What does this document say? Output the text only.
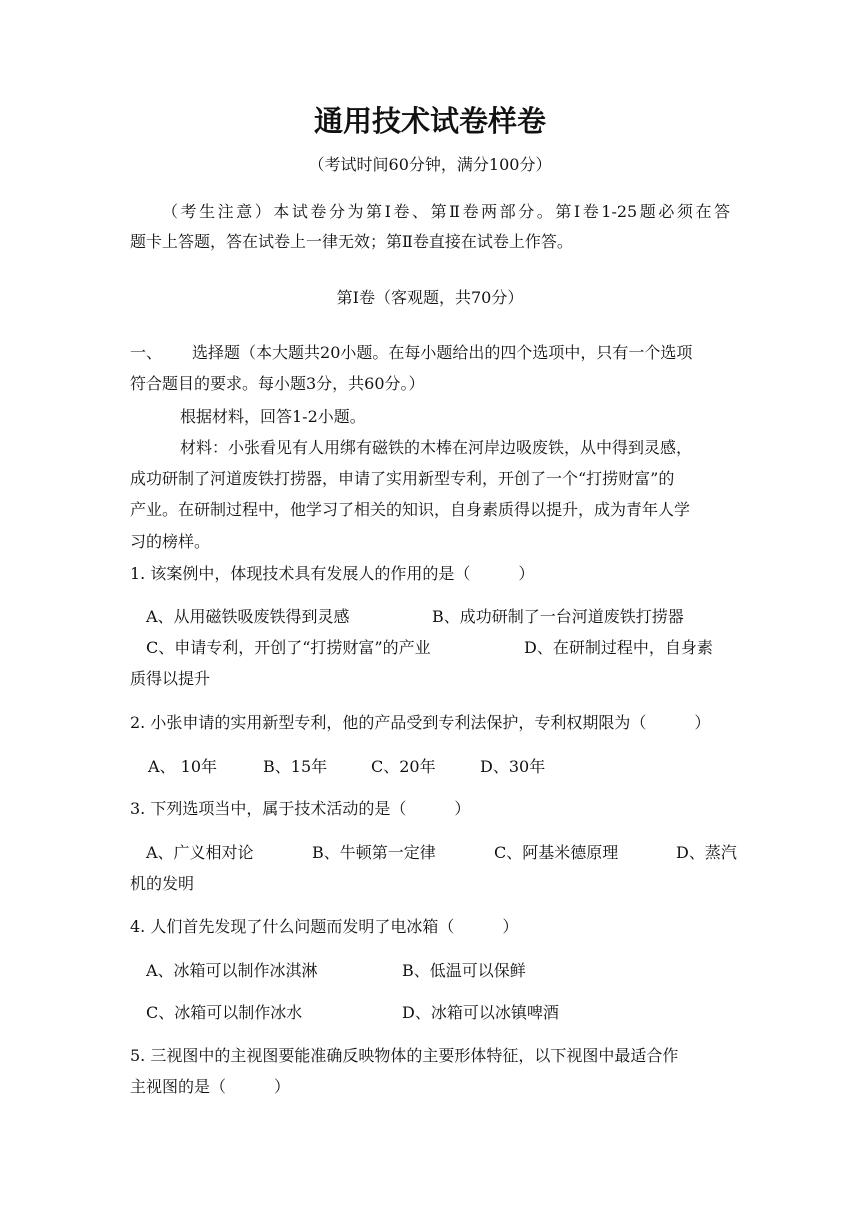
通用技术试卷样卷
（考试时间60分钟，满分100分）
（考生注意）本试卷分为第Ⅰ卷、第Ⅱ卷两部分。第Ⅰ卷1-25题必须在答
题卡上答题，答在试卷上一律无效；第Ⅱ卷直接在试卷上作答。
第Ⅰ卷（客观题，共70分）
一、 选择题（本大题共20小题。在每小题给出的四个选项中，只有一个选项
符合题目的要求。每小题3分，共60分。）
根据材料，回答1-2小题。
材料：小张看见有人用绑有磁铁的木棒在河岸边吸废铁，从中得到灵感，
成功研制了河道废铁打捞器，申请了实用新型专利，开创了一个“打捞财富”的
产业。在研制过程中，他学习了相关的知识，自身素质得以提升，成为青年人学
习的榜样。
1. 该案例中，体现技术具有发展人的作用的是（　　　）
A、从用磁铁吸废铁得到灵感	B、成功研制了一台河道废铁打捞器
C、申请专利，开创了“打捞财富”的产业	D、在研制过程中，自身素
质得以提升
2. 小张申请的实用新型专利，他的产品受到专利法保护，专利权期限为（　　　）
A、 10年	B、15年	C、20年	D、30年
3. 下列选项当中，属于技术活动的是（　　　）
A、广义相对论	B、牛顿第一定律	C、阿基米德原理	D、蒸汽
机的发明
4. 人们首先发现了什么问题而发明了电冰箱（　　　）
A、冰箱可以制作冰淇淋	B、低温可以保鲜
C、冰箱可以制作冰水	D、冰箱可以冰镇啤酒
5. 三视图中的主视图要能准确反映物体的主要形体特征，以下视图中最适合作
主视图的是（　　　）
